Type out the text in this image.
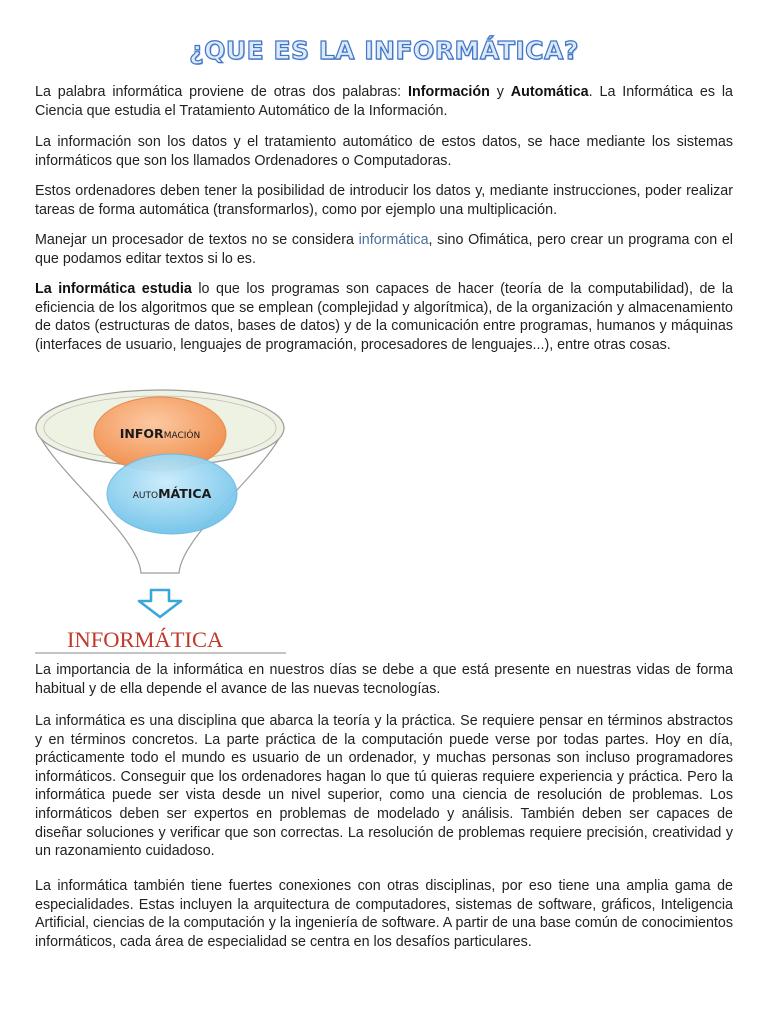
¿QUE ES LA INFORMÁTICA?

La palabra informática proviene de otras dos palabras: Información y Automática. La Informática es la Ciencia que estudia el Tratamiento Automático de la Información.

La información son los datos y el tratamiento automático de estos datos, se hace mediante los sistemas informáticos que son los llamados Ordenadores o Computadoras.

Estos ordenadores deben tener la posibilidad de introducir los datos y, mediante instrucciones, poder realizar tareas de forma automática (transformarlos), como por ejemplo una multiplicación.

Manejar un procesador de textos no se considera informática, sino Ofimática, pero crear un programa con el que podamos editar textos si lo es.

La informática estudia lo que los programas son capaces de hacer (teoría de la computabilidad), de la eficiencia de los algoritmos que se emplean (complejidad y algorítmica), de la organización y almacenamiento de datos (estructuras de datos, bases de datos) y de la comunicación entre programas, humanos y máquinas (interfaces de usuario, lenguajes de programación, procesadores de lenguajes...), entre otras cosas.

INFORMACIÓN
AUTOMÁTICA
INFORMÁTICA

La importancia de la informática en nuestros días se debe a que está presente en nuestras vidas de forma habitual y de ella depende el avance de las nuevas tecnologías.

La informática es una disciplina que abarca la teoría y la práctica. Se requiere pensar en términos abstractos y en términos concretos. La parte práctica de la computación puede verse por todas partes. Hoy en día, prácticamente todo el mundo es usuario de un ordenador, y muchas personas son incluso programadores informáticos. Conseguir que los ordenadores hagan lo que tú quieras requiere experiencia y práctica. Pero la informática puede ser vista desde un nivel superior, como una ciencia de resolución de problemas. Los informáticos deben ser expertos en problemas de modelado y análisis. También deben ser capaces de diseñar soluciones y verificar que son correctas. La resolución de problemas requiere precisión, creatividad y un razonamiento cuidadoso.

La informática también tiene fuertes conexiones con otras disciplinas, por eso tiene una amplia gama de especialidades. Estas incluyen la arquitectura de computadores, sistemas de software, gráficos, Inteligencia Artificial, ciencias de la computación y la ingeniería de software. A partir de una base común de conocimientos informáticos, cada área de especialidad se centra en los desafíos particulares.
